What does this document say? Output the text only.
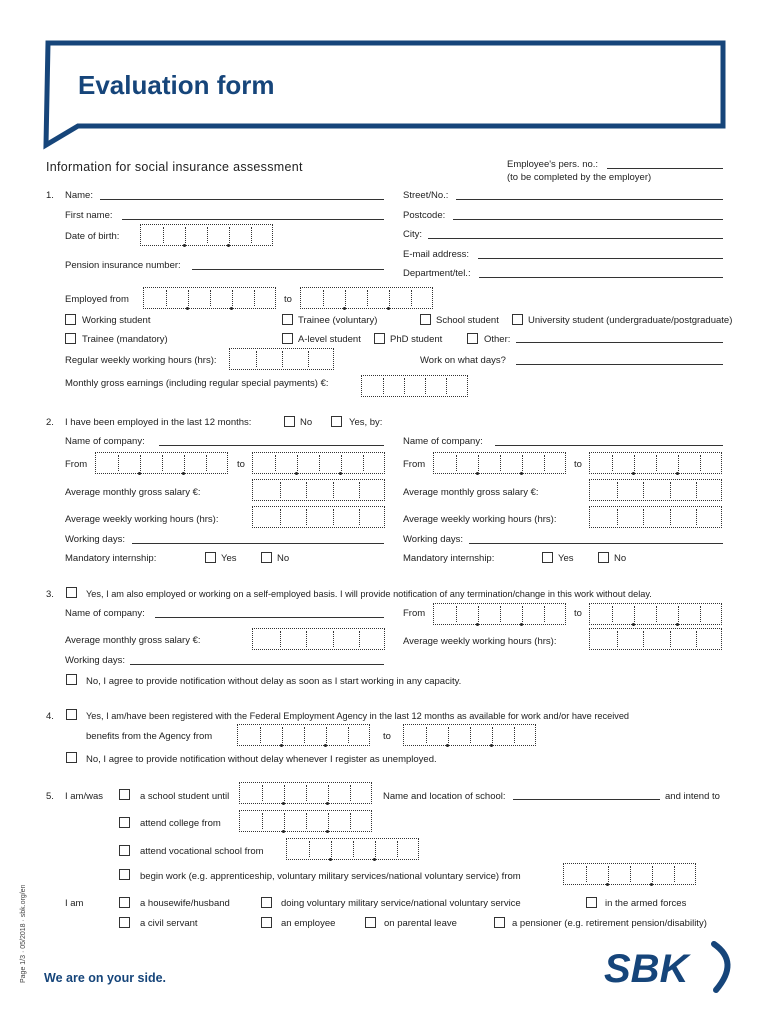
Evaluation form
Information for social insurance assessment	Employee's pers. no.:
(to be completed by the employer)
1. Name:
First name:
Date of birth:
Pension insurance number:
Street/No.:
Postcode:
City:
E-mail address:
Department/tel.:
Employed from	to
Working student	Trainee (voluntary)	School student	University student (undergraduate/postgraduate)
Trainee (mandatory)	A-level student	PhD student	Other:
Regular weekly working hours (hrs):	Work on what days?
Monthly gross earnings (including regular special payments) €:
2. I have been employed in the last 12 months:	No	Yes, by:
Name of company:
From	to
Average monthly gross salary €:
Average weekly working hours (hrs):
Working days:
Mandatory internship:	Yes	No
Name of company:
From	to
Average monthly gross salary €:
Average weekly working hours (hrs):
Working days:
Mandatory internship:	Yes	No
3.	Yes, I am also employed or working on a self-employed basis. I will provide notification of any termination/change in this work without delay.
Name of company:	From	to
Average monthly gross salary €:	Average weekly working hours (hrs):
Working days:
No, I agree to provide notification without delay as soon as I start working in any capacity.
4.	Yes, I am/have been registered with the Federal Employment Agency in the last 12 months as available for work and/or have received
benefits from the Agency from	to
No, I agree to provide notification without delay whenever I register as unemployed.
5. I am/was	a school student until	Name and location of school:	and intend to
attend college from
attend vocational school from
begin work (e.g. apprenticeship, voluntary military services/national voluntary service) from
I am	a housewife/husband	doing voluntary military service/national voluntary service	in the armed forces
a civil servant	an employee	on parental leave	a pensioner (e.g. retirement pension/disability)
Page 1/3 · 05/2018 · sbk.org/en We are on your side.	SBK
